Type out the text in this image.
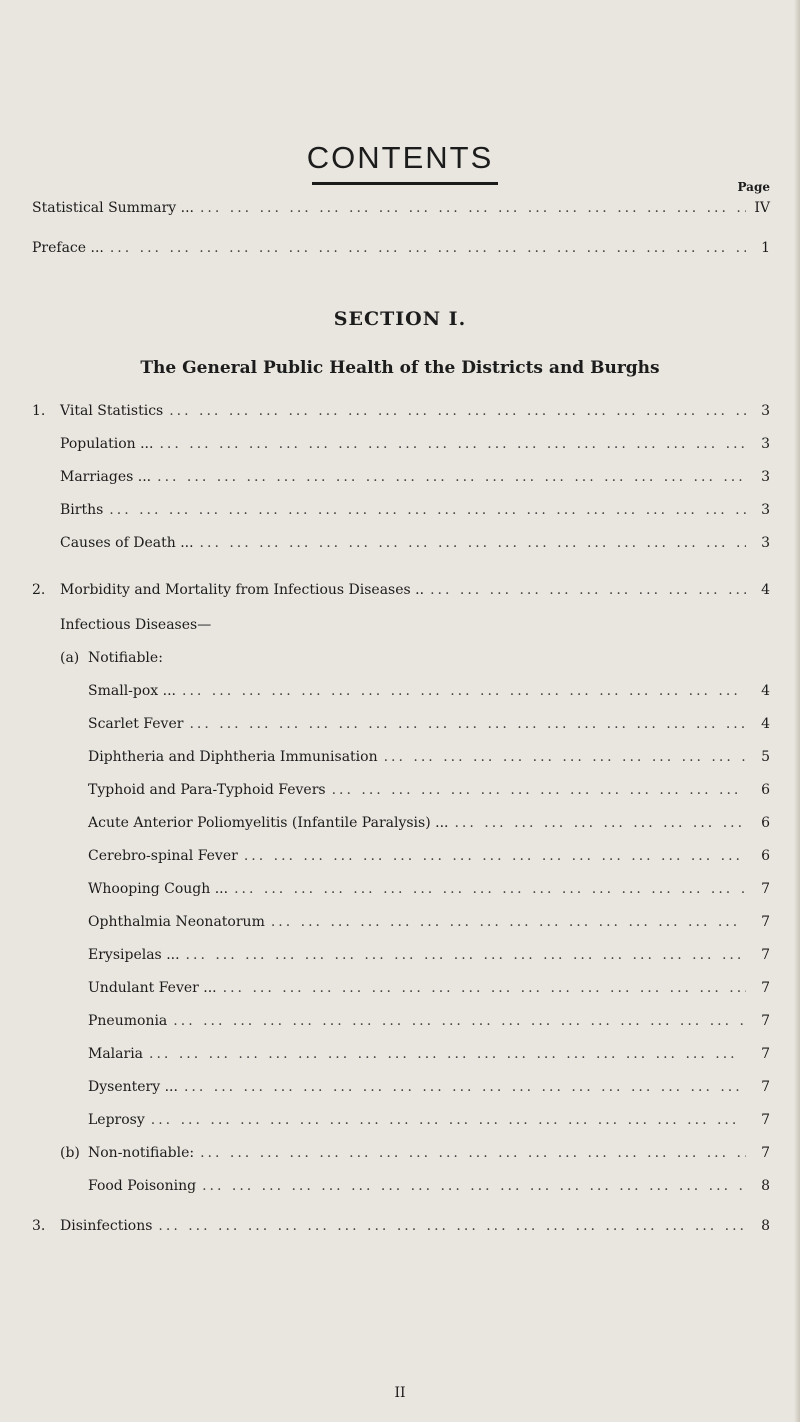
CONTENTS
Page
Statistical Summary ... ... .	IV
Preface ... ... .	1
SECTION I.
The General Public Health of the Districts and Burghs
1. Vital Statistics ... .	3
Population ... ... .	3
Marriages ... ... .	3
Births ... .	3
Causes of Death ... ... .	3
2. Morbidity and Mortality from Infectious Diseases .. ... .	4
Infectious Diseases—
(a) Notifiable:
Small-pox ... ... .	4
Scarlet Fever ... .	4
Diphtheria and Diphtheria Immunisation ... .	5
Typhoid and Para-Typhoid Fevers ... .	6
Acute Anterior Poliomyelitis (Infantile Paralysis) ... ... .	6
Cerebro-spinal Fever ... .	6
Whooping Cough ... ... .	7
Ophthalmia Neonatorum ... .	7
Erysipelas ... ... .	7
Undulant Fever ... ... .	7
Pneumonia ... .	7
Malaria ... .	7
Dysentery ... ... .	7
Leprosy ... .	7
(b) Non-notifiable: ... .	7
Food Poisoning ... .	8
3. Disinfections ... .	8
II
